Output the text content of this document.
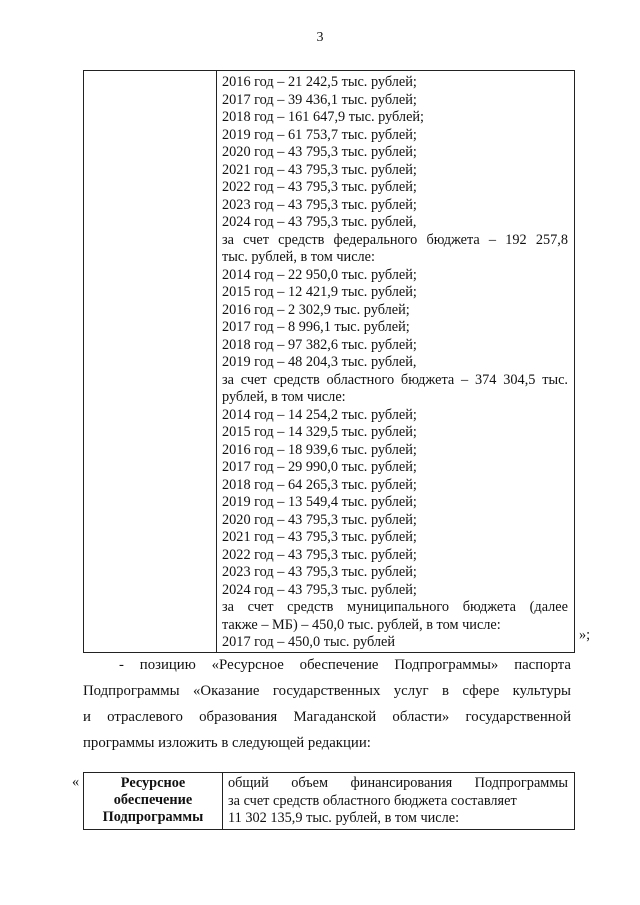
3

2016 год – 21 242,5 тыс. рублей;
2017 год – 39 436,1 тыс. рублей;
2018 год – 161 647,9 тыс. рублей;
2019 год – 61 753,7 тыс. рублей;
2020 год – 43 795,3 тыс. рублей;
2021 год – 43 795,3 тыс. рублей;
2022 год – 43 795,3 тыс. рублей;
2023 год – 43 795,3 тыс. рублей;
2024 год – 43 795,3 тыс. рублей,
за счет средств федерального бюджета – 192 257,8
тыс. рублей, в том числе:
2014 год – 22 950,0 тыс. рублей;
2015 год – 12 421,9 тыс. рублей;
2016 год – 2 302,9 тыс. рублей;
2017 год – 8 996,1 тыс. рублей;
2018 год – 97 382,6 тыс. рублей;
2019 год – 48 204,3 тыс. рублей,
за счет средств областного бюджета – 374 304,5 тыс.
рублей, в том числе:
2014 год – 14 254,2 тыс. рублей;
2015 год – 14 329,5 тыс. рублей;
2016 год – 18 939,6 тыс. рублей;
2017 год – 29 990,0 тыс. рублей;
2018 год – 64 265,3 тыс. рублей;
2019 год – 13 549,4 тыс. рублей;
2020 год – 43 795,3 тыс. рублей;
2021 год – 43 795,3 тыс. рублей;
2022 год – 43 795,3 тыс. рублей;
2023 год – 43 795,3 тыс. рублей;
2024 год – 43 795,3 тыс. рублей;
за счет средств муниципального бюджета (далее
также – МБ) – 450,0 тыс. рублей, в том числе:
2017 год – 450,0 тыс. рублей	»;
- позицию «Ресурсное обеспечение Подпрограммы» паспорта
Подпрограммы «Оказание государственных услуг в сфере культуры
и отраслевого образования Магаданской области» государственной
программы изложить в следующей редакции:
«	Ресурсное
обеспечение
Подпрограммы

общий объем финансирования Подпрограммы
за счет средств областного бюджета составляет
11 302 135,9 тыс. рублей, в том числе:
